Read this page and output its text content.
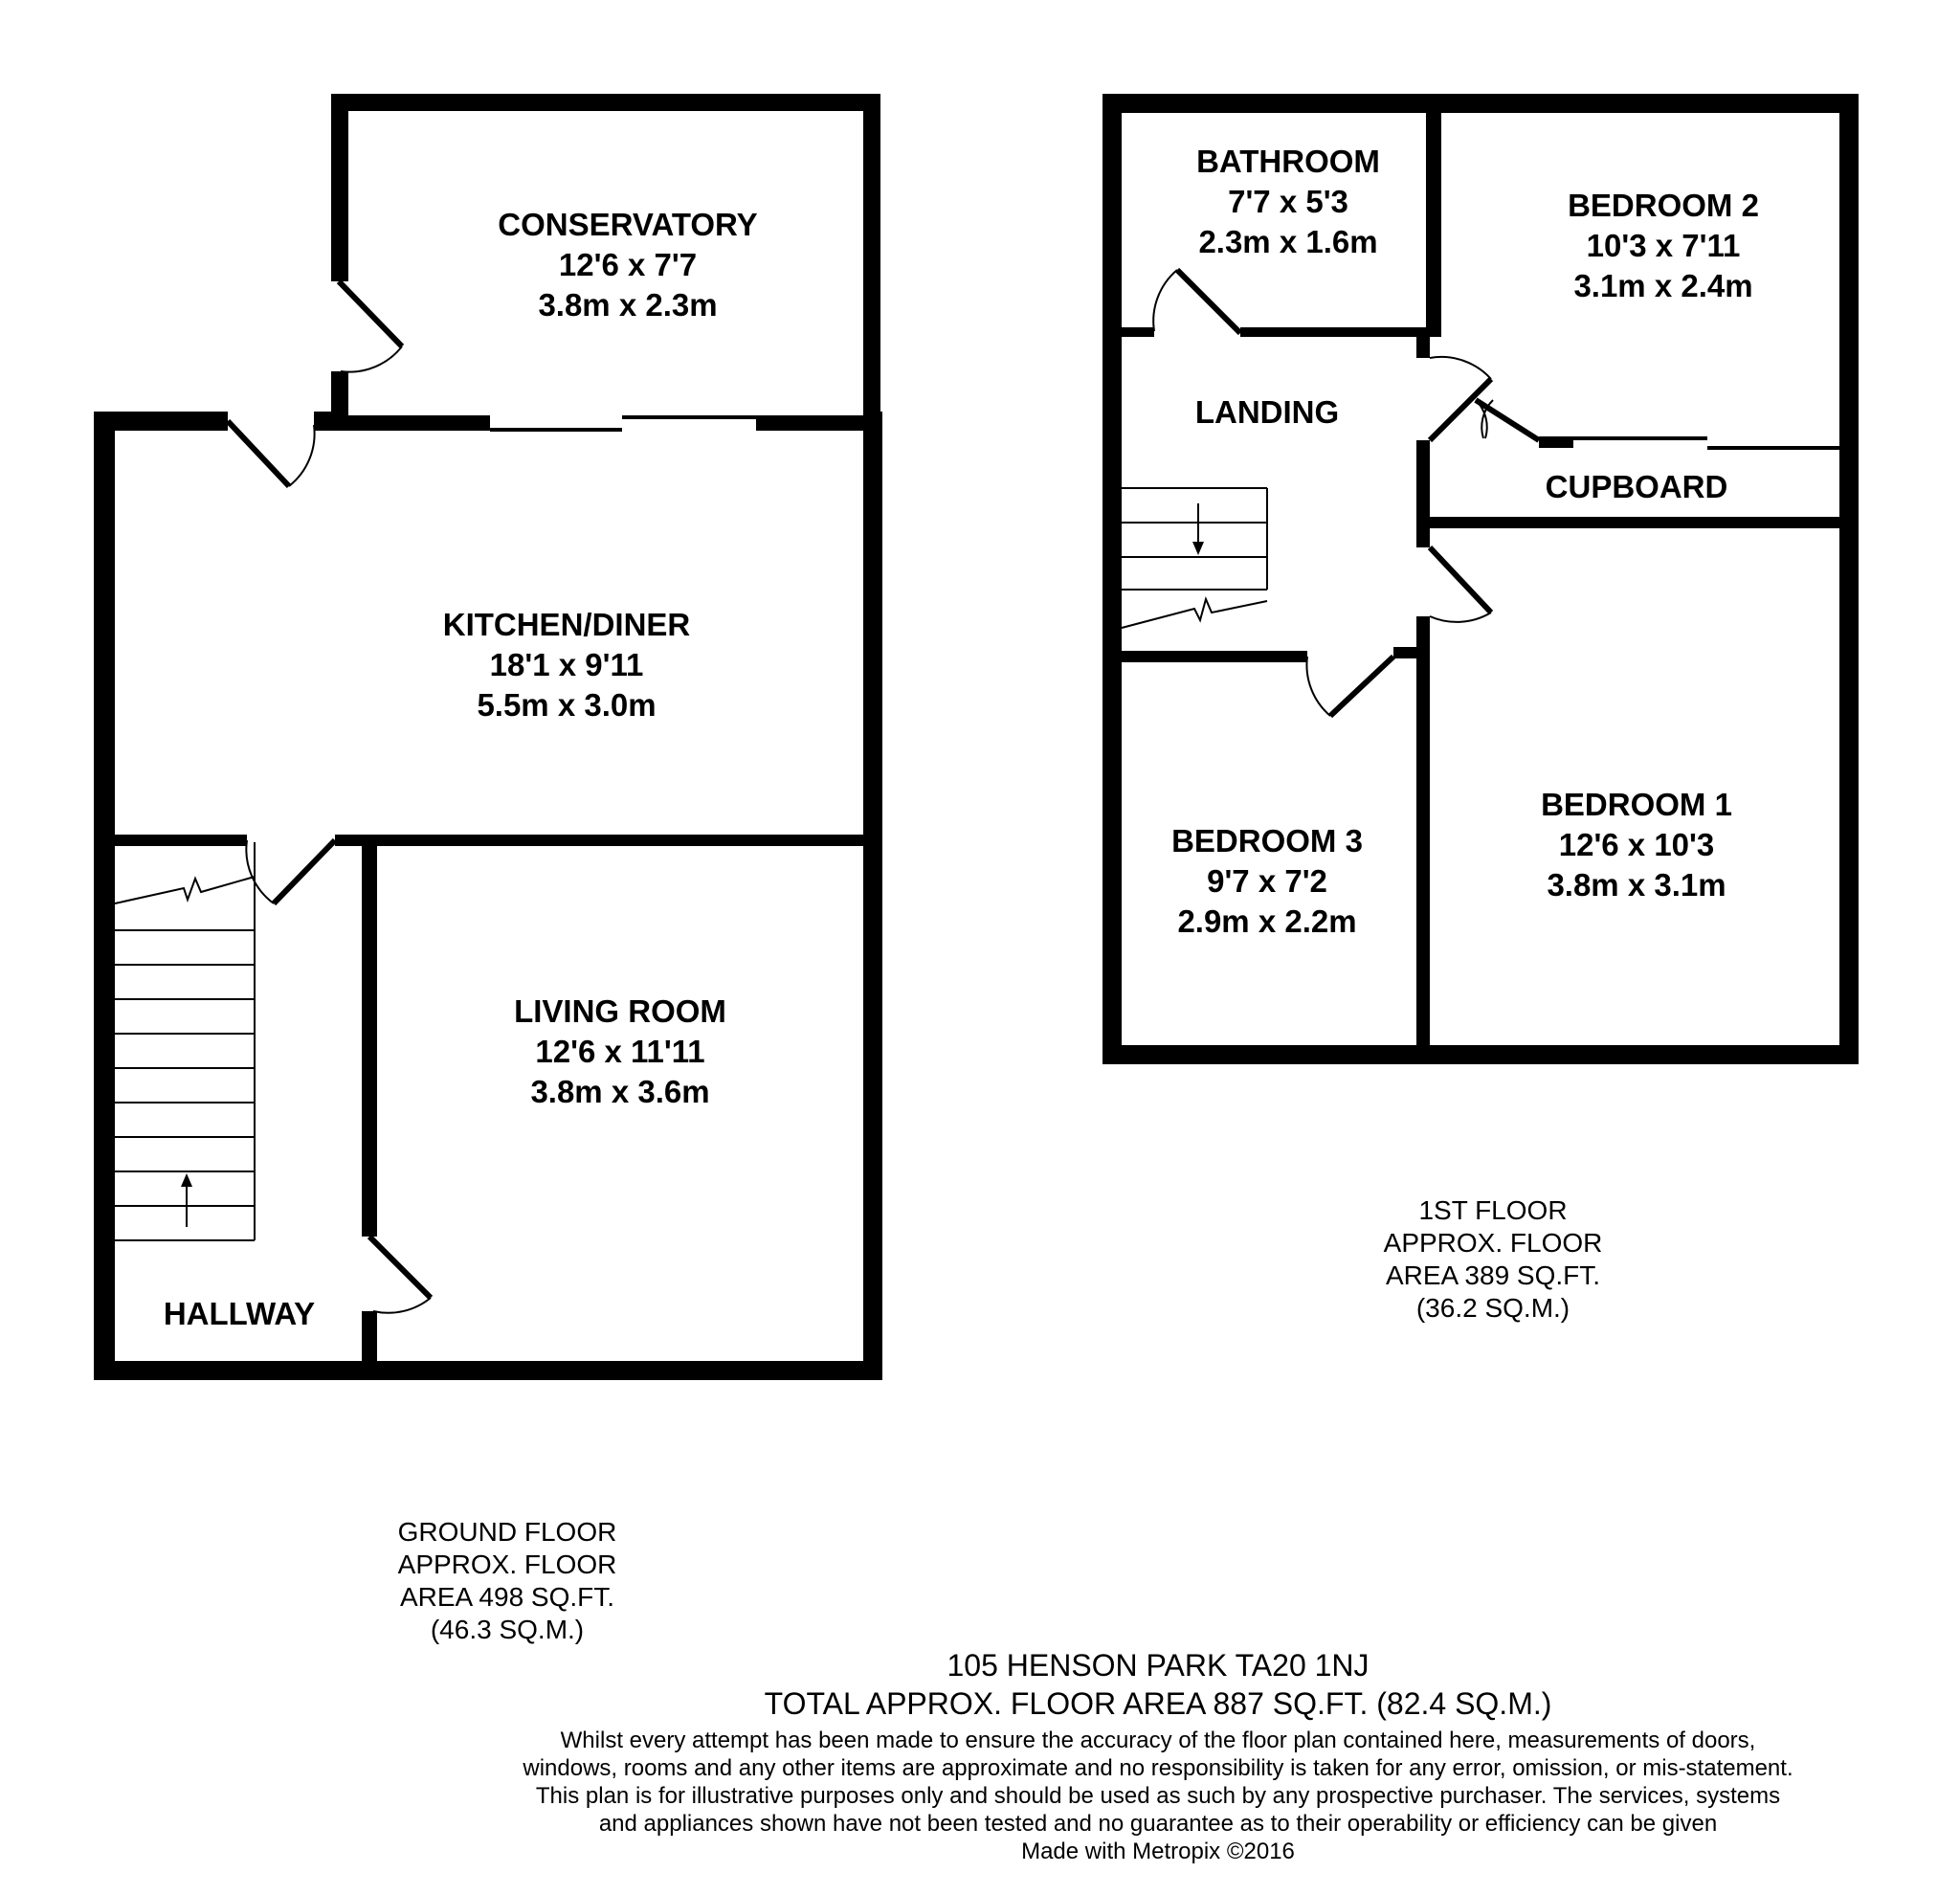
CONSERVATORY
12'6 x 7'7
3.8m x 2.3m
KITCHEN/DINER
18'1 x 9'11
5.5m x 3.0m
LIVING ROOM
12'6 x 11'11
3.8m x 3.6m
HALLWAY
BATHROOM
7'7 x 5'3
2.3m x 1.6m
BEDROOM 2
10'3 x 7'11
3.1m x 2.4m
LANDING
CUPBOARD
BEDROOM 3
9'7 x 7'2
2.9m x 2.2m
BEDROOM 1
12'6 x 10'3
3.8m x 3.1m
GROUND FLOOR
APPROX. FLOOR
AREA 498 SQ.FT.
(46.3 SQ.M.)
1ST FLOOR
APPROX. FLOOR
AREA 389 SQ.FT.
(36.2 SQ.M.)
105 HENSON PARK TA20 1NJ
TOTAL APPROX. FLOOR AREA 887 SQ.FT. (82.4 SQ.M.)
Whilst every attempt has been made to ensure the accuracy of the floor plan contained here, measurements of doors, windows, rooms and any other items are approximate and no responsibility is taken for any error, omission, or mis-statement. This plan is for illustrative purposes only and should be used as such by any prospective purchaser. The services, systems and appliances shown have not been tested and no guarantee as to their operability or efficiency can be given
Made with Metropix ©2016
